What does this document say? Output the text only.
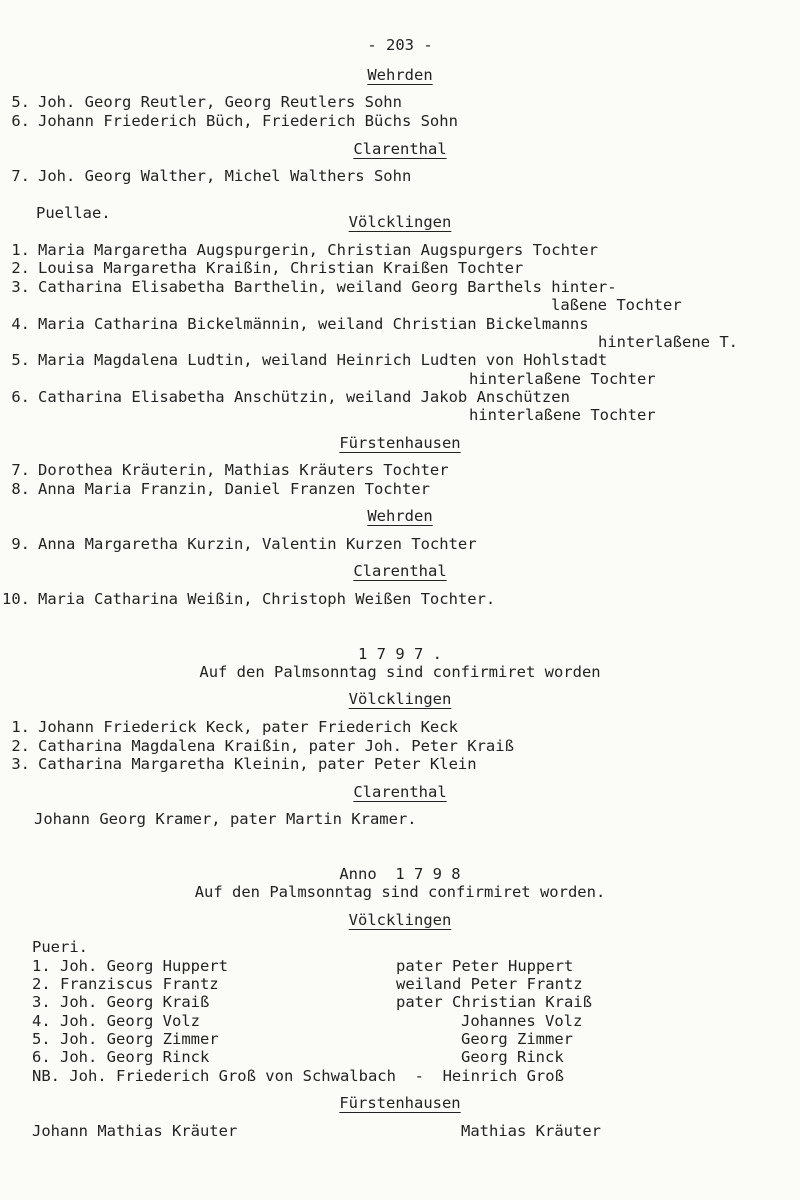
- 203 -
Wehrden
5. Joh. Georg Reutler, Georg Reutlers Sohn
6. Johann Friederich Büch, Friederich Büchs Sohn
Clarenthal
7. Joh. Georg Walther, Michel Walthers Sohn
Puellae.	Völcklingen
1. Maria Margaretha Augspurgerin, Christian Augspurgers Tochter
2. Louisa Margaretha Kraißin, Christian Kraißen Tochter
3. Catharina Elisabetha Barthelin, weiland Georg Barthels hinter-
laßene Tochter
4. Maria Catharina Bickelmännin, weiland Christian Bickelmanns
hinterlaßene T.
5. Maria Magdalena Ludtin, weiland Heinrich Ludten von Hohlstadt
hinterlaßene Tochter
6. Catharina Elisabetha Anschützin, weiland Jakob Anschützen
hinterlaßene Tochter
Fürstenhausen
7. Dorothea Kräuterin, Mathias Kräuters Tochter
8. Anna Maria Franzin, Daniel Franzen Tochter
Wehrden
9. Anna Margaretha Kurzin, Valentin Kurzen Tochter
Clarenthal
10. Maria Catharina Weißin, Christoph Weißen Tochter.
1 7 9 7 .
Auf den Palmsonntag sind confirmiret worden
Völcklingen
1. Johann Friederick Keck, pater Friederich Keck
2. Catharina Magdalena Kraißin, pater Joh. Peter Kraiß
3. Catharina Margaretha Kleinin, pater Peter Klein
Clarenthal
Johann Georg Kramer, pater Martin Kramer.
Anno  1 7 9 8
Auf den Palmsonntag sind confirmiret worden.
Völcklingen
Pueri.
1. Joh. Georg Huppert	pater Peter Huppert
2. Franziscus Frantz	weiland Peter Frantz
3. Joh. Georg Kraiß	pater Christian Kraiß
4. Joh. Georg Volz	Johannes Volz
5. Joh. Georg Zimmer	Georg Zimmer
6. Joh. Georg Rinck	Georg Rinck
NB. Joh. Friederich Groß von Schwalbach  -  Heinrich Groß
Fürstenhausen
Johann Mathias Kräuter	Mathias Kräuter
